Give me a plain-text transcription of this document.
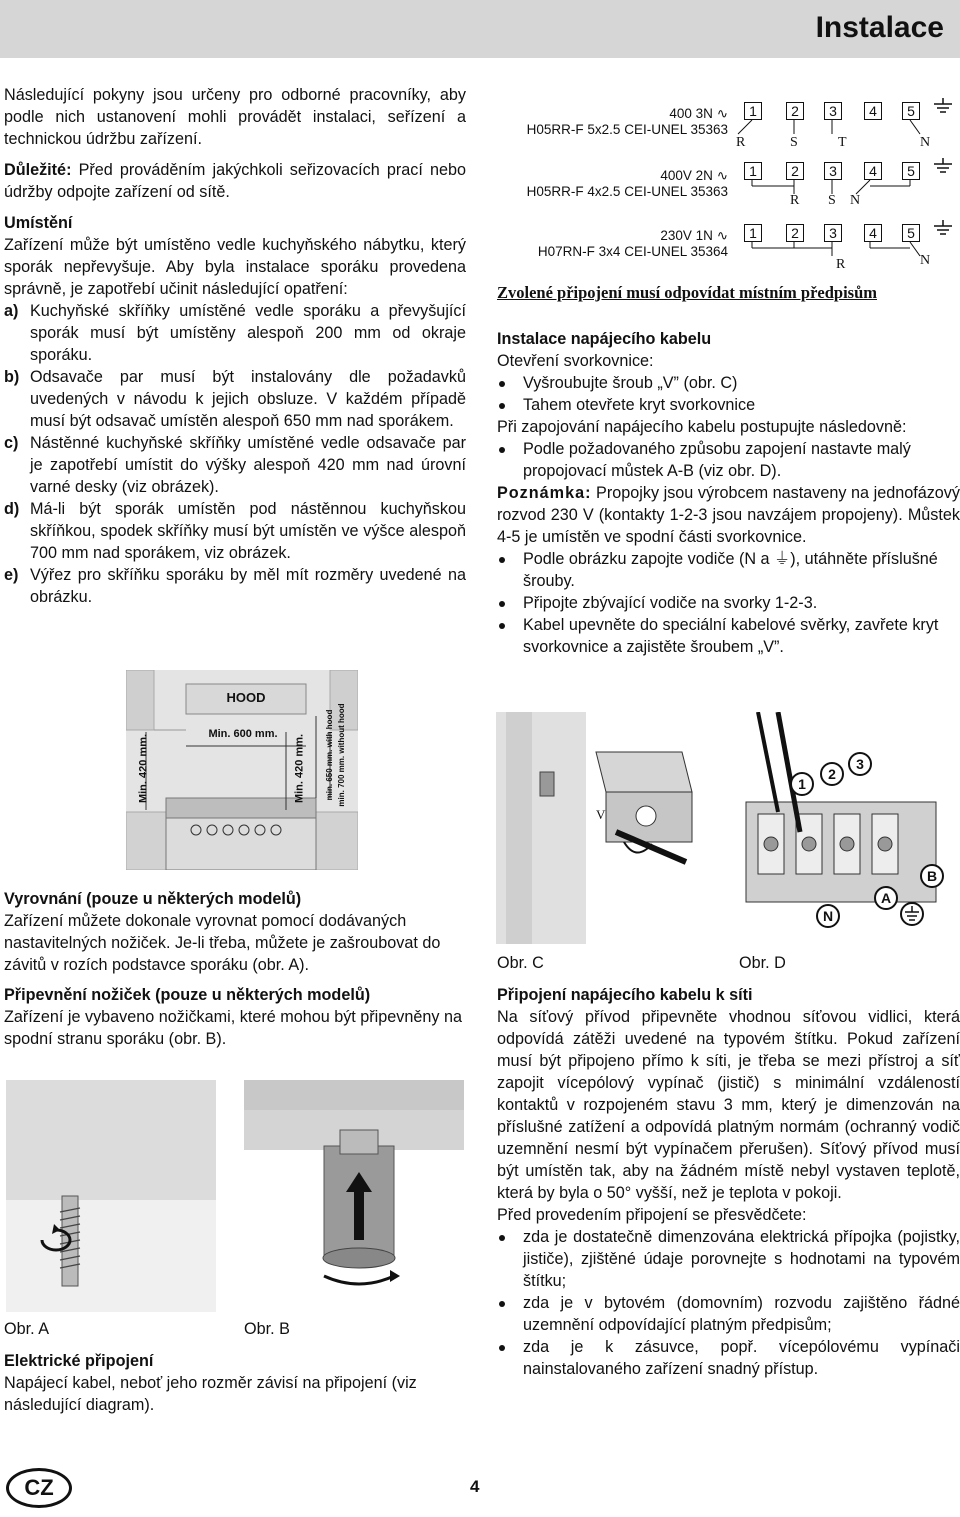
Instalace

Následující pokyny jsou určeny pro odborné pracovníky, aby podle nich ustanovení mohli provádět instalaci, seřízení a technickou údržbu zařízení.

Důležité: Před prováděním jakýchkoli seřizovacích prací nebo údržby odpojte zařízení od sítě.

Umístění

Zařízení může být umístěno vedle kuchyňského nábytku, který sporák nepřevyšuje. Aby byla instalace sporáku provedena správně, je zapotřebí učinit následující opatření:

a) Kuchyňské skříňky umístěné vedle sporáku a převyšující sporák musí být umístěny alespoň 200 mm od okraje sporáku.
b) Odsavače par musí být instalovány dle požadavků uvedených v návodu k jejich obsluze. V každém případě musí být odsavač umístěn alespoň 650 mm nad sporákem.
c) Nástěnné kuchyňské skříňky umístěné vedle odsavače par je zapotřebí umístit do výšky alespoň 420 mm nad úrovní varné desky (viz obrázek).
d) Má-li být sporák umístěn pod nástěnnou kuchyňskou skříňkou, spodek skříňky musí být umístěn ve výšce alespoň 700 mm nad sporákem, viz obrázek.
e) Výřez pro skříňku sporáku by měl mít rozměry uvedené na obrázku.
HOOD
Min. 600 mm.
Min. 420 mm.	Min. 420 mm. min. 650 mm. with hood min. 700 mm. without hood

Vyrovnání (pouze u některých modelů)

Zařízení můžete dokonale vyrovnat pomocí dodávaných nastavitelných nožiček. Je-li třeba, můžete je zašroubovat do závitů v rozích podstavce sporáku (obr. A).

Připevnění nožiček (pouze u některých modelů)

Zařízení je vybaveno nožičkami, které mohou být připevněny na spodní stranu sporáku (obr. B).

Obr. A	Obr. B

Elektrické připojení

Napájecí kabel, neboť jeho rozměr závisí na připojení (viz následující diagram).

400 3N ∿
H05RR-F 5x2.5 CEI-UNEL 35363
1	2	3	4	5
R	S	T	N
400V 2N ∿
H05RR-F 4x2.5 CEI-UNEL 35363
1	2	3	4	5
R S N
230V 1N ∿
H07RN-F 3x4 CEI-UNEL 35364
1	2	3	4	5
R	N
Zvolené připojení musí odpovídat místním předpisům

Instalace napájecího kabelu

Otevření svorkovnice:

Vyšroubujte šroub „V” (obr. C)
Tahem otevřete kryt svorkovnice

Při zapojování napájecího kabelu postupujte následovně:

Podle požadovaného způsobu zapojení nastavte malý propojovací můstek A-B (viz obr. D).

Poznámka: Propojky jsou výrobcem nastaveny na jednofázový rozvod 230 V (kontakty 1-2-3 jsou navzájem propojeny). Můstek 4-5 je umístěn ve spodní části svorkovnice.

Podle obrázku zapojte vodiče (N a ⏚), utáhněte příslušné šrouby.
Připojte zbývající vodiče na svorky 1-2-3.
Kabel upevněte do speciální kabelové svěrky, zavřete kryt svorkovnice a zajistěte šroubem „V”.
1
2
3
N
A
B
V
Obr. C	Obr. D

Připojení napájecího kabelu k síti

Na síťový přívod připevněte vhodnou síťovou vidlici, která odpovídá zátěži uvedené na typovém štítku. Pokud zařízení musí být připojeno přímo k síti, je třeba se mezi přístroj a síť zapojit vícepólový vypínač (jistič) s minimální vzdáleností kontaktů v rozpojeném stavu 3 mm, který je dimenzován na příslušné zatížení a odpovídá platným normám (ochranný vodič uzemnění nesmí být vypínačem přerušen). Síťový přívod musí být umístěn tak, aby na žádném místě nebyl vystaven teplotě, která by byla o 50° vyšší, než je teplota v pokoji.

Před provedením připojení se přesvědčete:

zda je dostatečně dimenzována elektrická přípojka (pojistky, jističe), zjištěné údaje porovnejte s hodnotami na typovém štítku;
zda je v bytovém (domovním) rozvodu zajištěno řádné uzemnění odpovídající platným předpisům;
zda je k zásuvce, popř. vícepólovému vypínači nainstalovaného zařízení snadný přístup.
CZ	4
